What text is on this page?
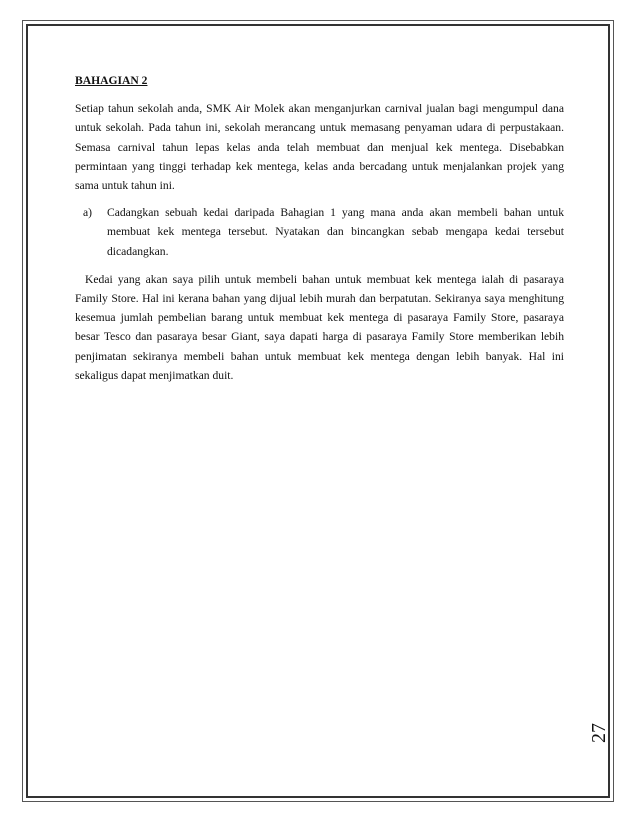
BAHAGIAN 2

Setiap tahun sekolah anda, SMK Air Molek akan menganjurkan carnival jualan bagi mengumpul dana untuk sekolah. Pada tahun ini, sekolah merancang untuk memasang penyaman udara di perpustakaan. Semasa carnival tahun lepas kelas anda telah membuat dan menjual kek mentega. Disebabkan permintaan yang tinggi terhadap kek mentega, kelas anda bercadang untuk menjalankan projek yang sama untuk tahun ini.

a)	Cadangkan sebuah kedai daripada Bahagian 1 yang mana anda akan membeli bahan untuk membuat kek mentega tersebut. Nyatakan dan bincangkan sebab mengapa kedai tersebut dicadangkan.

Kedai yang akan saya pilih untuk membeli bahan untuk membuat kek mentega ialah di pasaraya Family Store. Hal ini kerana bahan yang dijual lebih murah dan berpatutan. Sekiranya saya menghitung kesemua jumlah pembelian barang untuk membuat kek mentega di pasaraya Family Store, pasaraya besar Tesco dan pasaraya besar Giant, saya dapati harga di pasaraya Family Store memberikan lebih penjimatan sekiranya membeli bahan untuk membuat kek mentega dengan lebih banyak. Hal ini sekaligus dapat menjimatkan duit.

27
